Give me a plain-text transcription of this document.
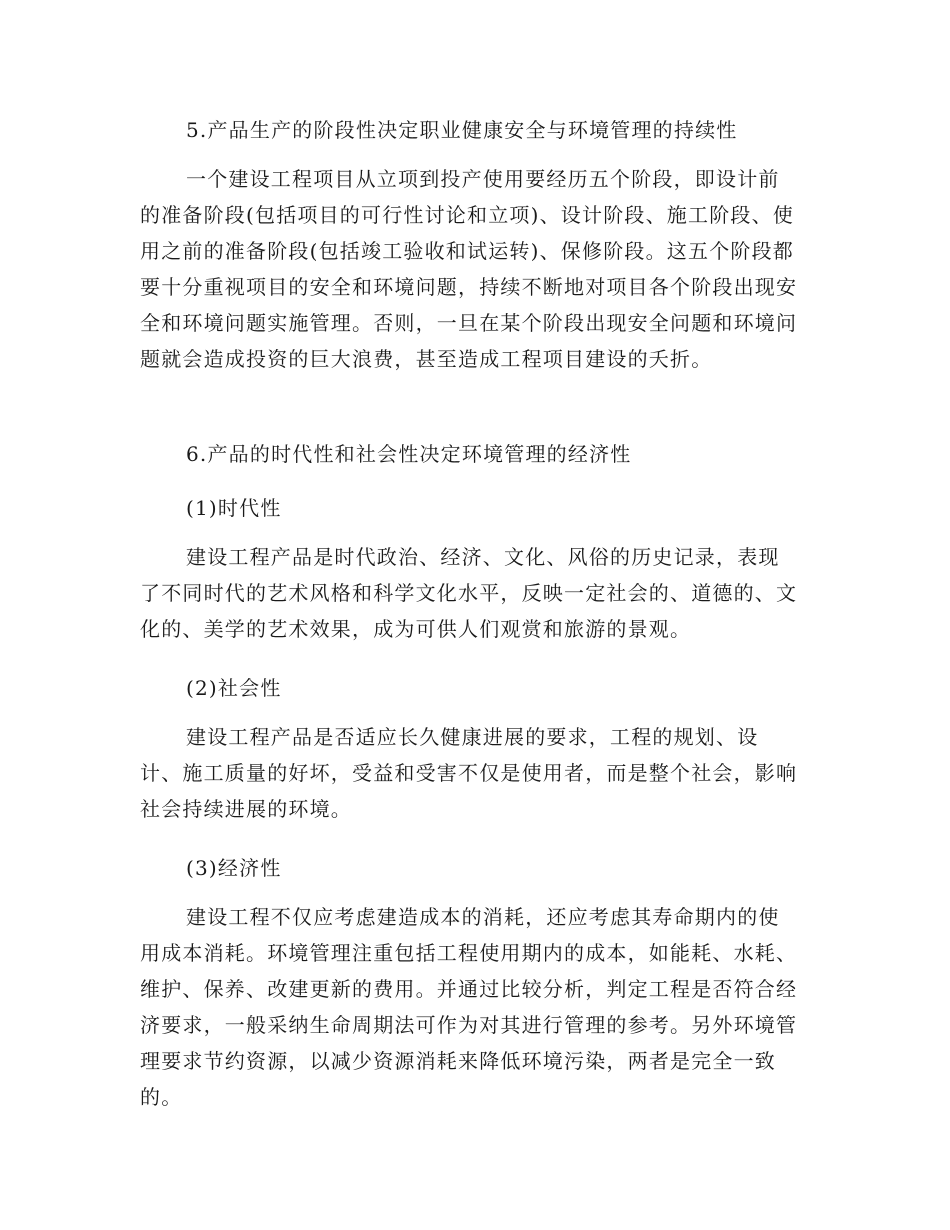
5.产品生产的阶段性决定职业健康安全与环境管理的持续性
一个建设工程项目从立项到投产使用要经历五个阶段，即设计前的准备阶段(包括项目的可行性讨论和立项)、设计阶段、施工阶段、使用之前的准备阶段(包括竣工验收和试运转)、保修阶段。这五个阶段都要十分重视项目的安全和环境问题，持续不断地对项目各个阶段出现安全和环境问题实施管理。否则，一旦在某个阶段出现安全问题和环境问题就会造成投资的巨大浪费，甚至造成工程项目建设的夭折。
6.产品的时代性和社会性决定环境管理的经济性
(1)时代性
建设工程产品是时代政治、经济、文化、风俗的历史记录，表现了不同时代的艺术风格和科学文化水平，反映一定社会的、道德的、文化的、美学的艺术效果，成为可供人们观赏和旅游的景观。
(2)社会性
建设工程产品是否适应长久健康进展的要求，工程的规划、设计、施工质量的好坏，受益和受害不仅是使用者，而是整个社会，影响社会持续进展的环境。
(3)经济性
建设工程不仅应考虑建造成本的消耗，还应考虑其寿命期内的使用成本消耗。环境管理注重包括工程使用期内的成本，如能耗、水耗、维护、保养、改建更新的费用。并通过比较分析，判定工程是否符合经济要求，一般采纳生命周期法可作为对其进行管理的参考。另外环境管理要求节约资源，以减少资源消耗来降低环境污染，两者是完全一致的。
